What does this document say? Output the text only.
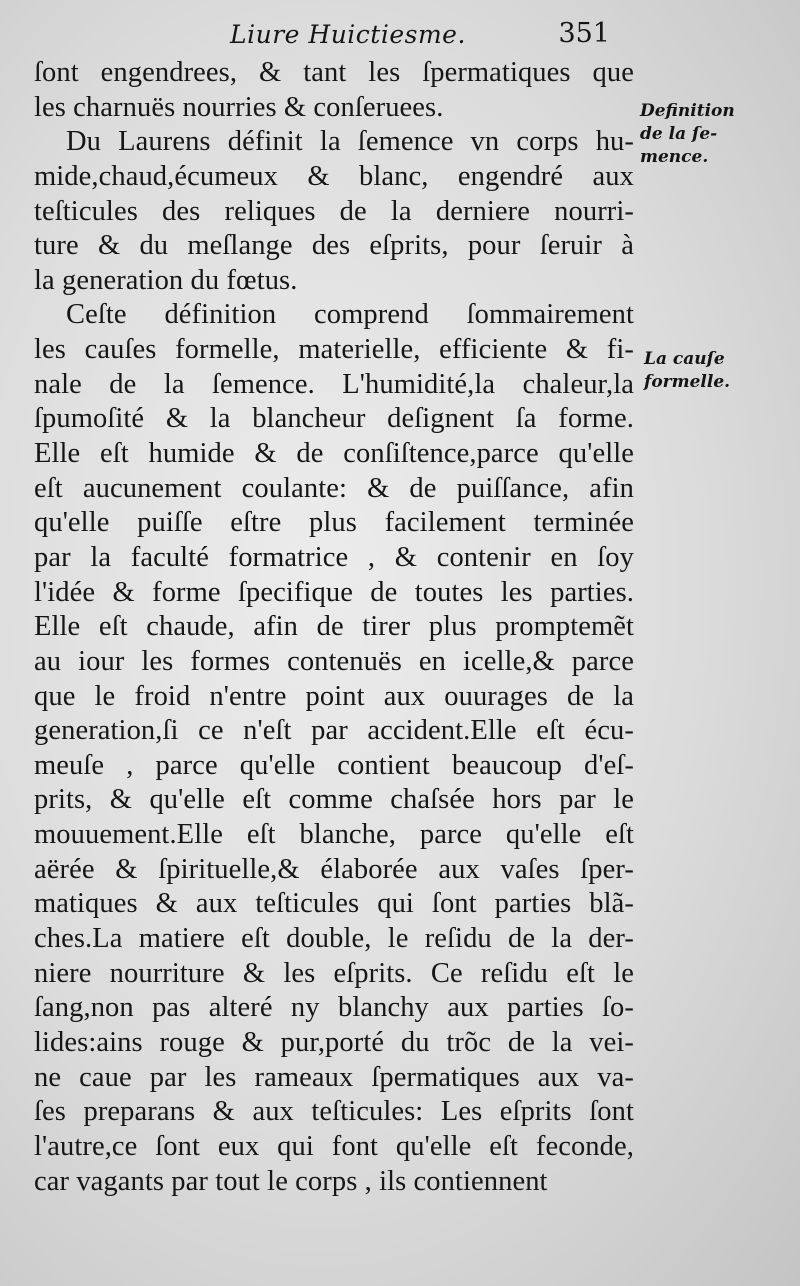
Liure Huictiesme.	351
ſont engendrees, & tant les ſpermatiques que
les charnuës nourries & conſeruees.
Du Laurens définit la ſemence vn corps hu-
mide,chaud,écumeux & blanc, engendré aux
teſticules des reliques de la derniere nourri-
ture & du meſlange des eſprits, pour ſeruir à
la generation du fœtus.
Ceſte définition comprend ſommairement
les cauſes formelle, materielle, efficiente & fi-
nale de la ſemence. L'humidité,la chaleur,la
ſpumoſité & la blancheur deſignent ſa forme.
Elle eſt humide & de conſiſtence,parce qu'elle
eſt aucunement coulante: & de puiſſance, afin
qu'elle puiſſe eſtre plus facilement terminée
par la faculté formatrice , & contenir en ſoy
l'idée & forme ſpecifique de toutes les parties.
Elle eſt chaude, afin de tirer plus promptemẽt
au iour les formes contenuës en icelle,& parce
que le froid n'entre point aux ouurages de la
generation,ſi ce n'eſt par accident.Elle eſt écu-
meuſe , parce qu'elle contient beaucoup d'eſ-
prits, & qu'elle eſt comme chaſsée hors par le
mouuement.Elle eſt blanche, parce qu'elle eſt
aërée & ſpirituelle,& élaborée aux vaſes ſper-
matiques & aux teſticules qui ſont parties blã-
ches.La matiere eſt double, le reſidu de la der-
niere nourriture & les eſprits. Ce reſidu eſt le
ſang,non pas alteré ny blanchy aux parties ſo-
lides:ains rouge & pur,porté du trõc de la vei-
ne caue par les rameaux ſpermatiques aux va-
ſes preparans & aux teſticules: Les eſprits ſont
l'autre,ce ſont eux qui font qu'elle eſt feconde,
car vagants par tout le corps , ils contiennent
Definition
de la ſe-
mence.
La cauſe
formelle.
